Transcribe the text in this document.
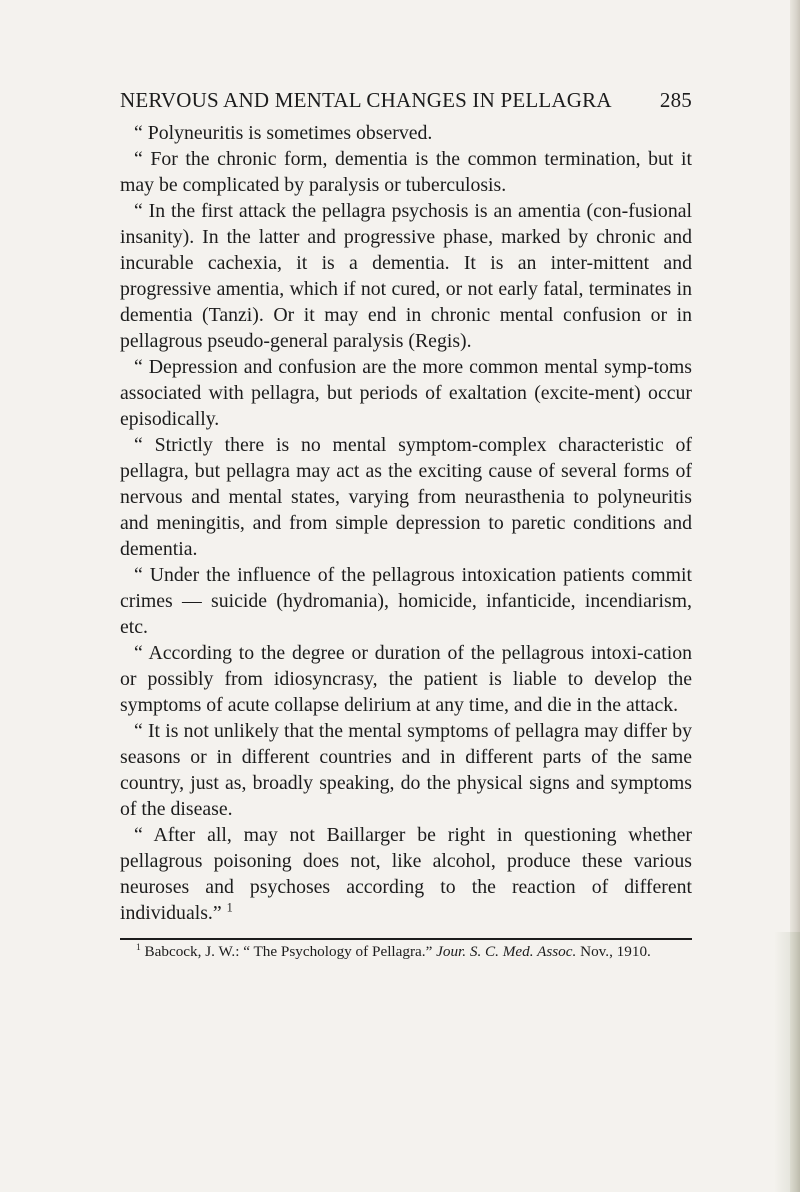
NERVOUS AND MENTAL CHANGES IN PELLAGRA 285

“ Polyneuritis is sometimes observed.

“ For the chronic form, dementia is the common termination, but it may be complicated by paralysis or tuberculosis.

“ In the first attack the pellagra psychosis is an amentia (con-fusional insanity). In the latter and progressive phase, marked by chronic and incurable cachexia, it is a dementia. It is an inter-mittent and progressive amentia, which if not cured, or not early fatal, terminates in dementia (Tanzi). Or it may end in chronic mental confusion or in pellagrous pseudo-general paralysis (Regis).

“ Depression and confusion are the more common mental symp-toms associated with pellagra, but periods of exaltation (excite-ment) occur episodically.

“ Strictly there is no mental symptom-complex characteristic of pellagra, but pellagra may act as the exciting cause of several forms of nervous and mental states, varying from neurasthenia to polyneuritis and meningitis, and from simple depression to paretic conditions and dementia.

“ Under the influence of the pellagrous intoxication patients commit crimes — suicide (hydromania), homicide, infanticide, incendiarism, etc.

“ According to the degree or duration of the pellagrous intoxi-cation or possibly from idiosyncrasy, the patient is liable to develop the symptoms of acute collapse delirium at any time, and die in the attack.

“ It is not unlikely that the mental symptoms of pellagra may differ by seasons or in different countries and in different parts of the same country, just as, broadly speaking, do the physical signs and symptoms of the disease.

“ After all, may not Baillarger be right in questioning whether pellagrous poisoning does not, like alcohol, produce these various neuroses and psychoses according to the reaction of different individuals.” $^1$

$^1$ Babcock, J. W.: “ The Psychology of Pellagra.” Jour. S. C. Med. Assoc. Nov., 1910.
